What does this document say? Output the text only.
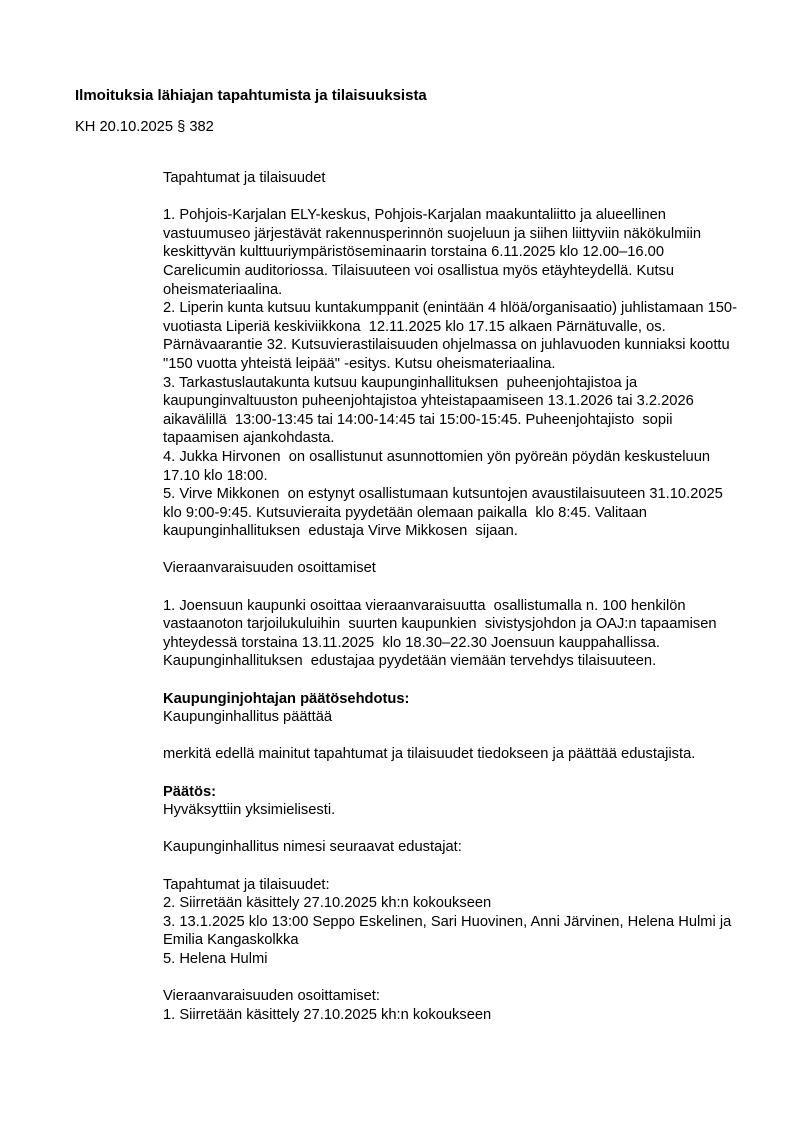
Ilmoituksia lähiajan tapahtumista ja tilaisuuksista
KH 20.10.2025 § 382
Tapahtumat ja tilaisuudet

1. Pohjois-Karjalan ELY-keskus, Pohjois-Karjalan maakuntaliitto ja alueellinen
vastuumuseo järjestävät rakennusperinnön suojeluun ja siihen liittyviin näkökulmiin
keskittyvän kulttuuriympäristöseminaarin torstaina 6.11.2025 klo 12.00–16.00
Carelicumin auditoriossa. Tilaisuuteen voi osallistua myös etäyhteydellä. Kutsu
oheismateriaalina.
2. Liperin kunta kutsuu kuntakumppanit (enintään 4 hlöä/organisaatio) juhlistamaan 150-
vuotiasta Liperiä keskiviikkona  12.11.2025 klo 17.15 alkaen Pärnätuvalle, os.
Pärnävaarantie 32. Kutsuvierastilaisuuden ohjelmassa on juhlavuoden kunniaksi koottu
"150 vuotta yhteistä leipää" -esitys. Kutsu oheismateriaalina.
3. Tarkastuslautakunta kutsuu kaupunginhallituksen  puheenjohtajistoa ja
kaupunginvaltuuston puheenjohtajistoa yhteistapaamiseen 13.1.2026 tai 3.2.2026
aikavälillä  13:00-13:45 tai 14:00-14:45 tai 15:00-15:45. Puheenjohtajisto  sopii
tapaamisen ajankohdasta.
4. Jukka Hirvonen  on osallistunut asunnottomien yön pyöreän pöydän keskusteluun
17.10 klo 18:00.
5. Virve Mikkonen  on estynyt osallistumaan kutsuntojen avaustilaisuuteen 31.10.2025
klo 9:00-9:45. Kutsuvieraita pyydetään olemaan paikalla  klo 8:45. Valitaan
kaupunginhallituksen  edustaja Virve Mikkosen  sijaan.

Vieraanvaraisuuden osoittamiset

1. Joensuun kaupunki osoittaa vieraanvaraisuutta  osallistumalla n. 100 henkilön
vastaanoton tarjoilukuluihin  suurten kaupunkien  sivistysjohdon ja OAJ:n tapaamisen
yhteydessä torstaina 13.11.2025  klo 18.30–22.30 Joensuun kauppahallissa.
Kaupunginhallituksen  edustajaa pyydetään viemään tervehdys tilaisuuteen.

Kaupunginjohtajan päätösehdotus:
Kaupunginhallitus päättää

merkitä edellä mainitut tapahtumat ja tilaisuudet tiedokseen ja päättää edustajista.

Päätös:
Hyväksyttiin yksimielisesti.

Kaupunginhallitus nimesi seuraavat edustajat:

Tapahtumat ja tilaisuudet:
2. Siirretään käsittely 27.10.2025 kh:n kokoukseen
3. 13.1.2025 klo 13:00 Seppo Eskelinen, Sari Huovinen, Anni Järvinen, Helena Hulmi ja
Emilia Kangaskolkka
5. Helena Hulmi

Vieraanvaraisuuden osoittamiset:
1. Siirretään käsittely 27.10.2025 kh:n kokoukseen
